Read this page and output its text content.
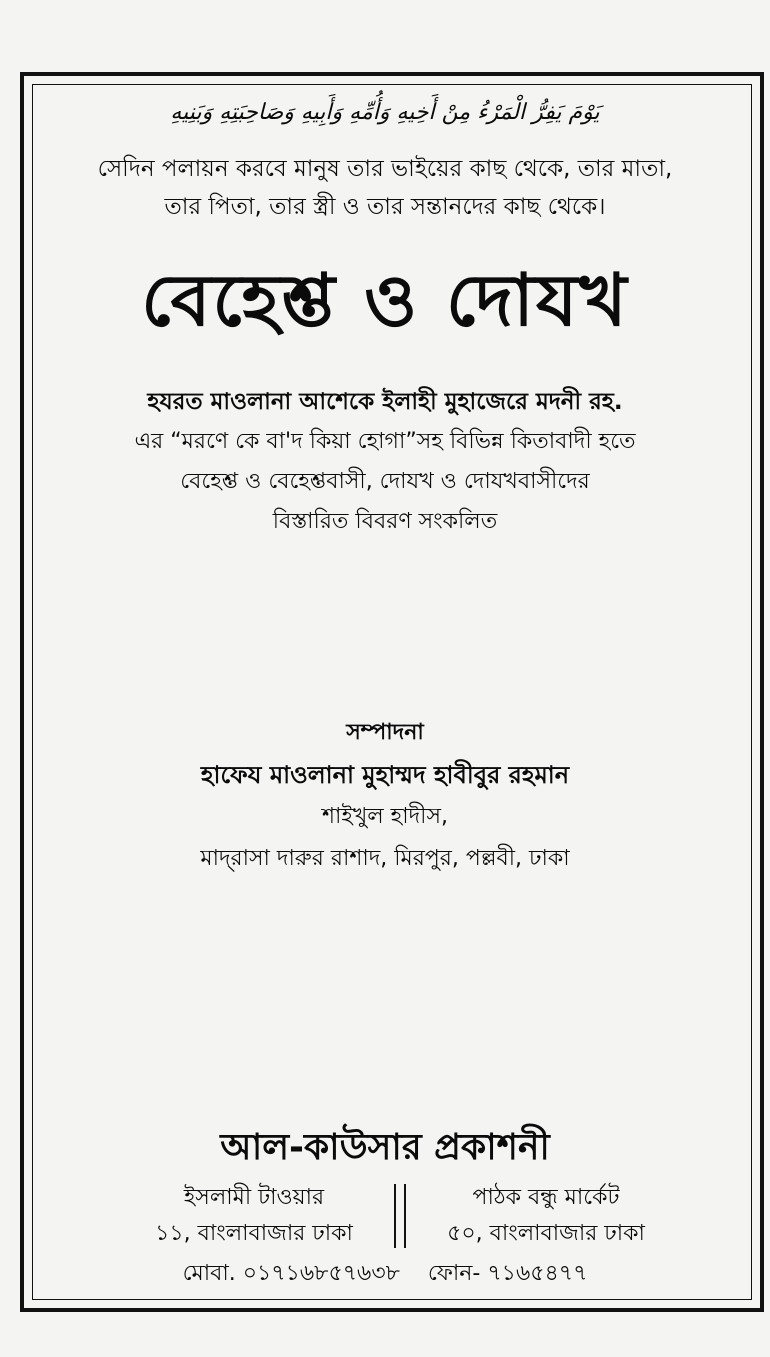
يَوْمَ يَفِرُّ الْمَرْءُ مِنْ أَخِيهِ وَأُمِّهِ وَأَبِيهِ وَصَاحِبَتِهِ وَبَنِيهِ
সেদিন পলায়ন করবে মানুষ তার ভাইয়ের কাছ থেকে, তার মাতা,
তার পিতা, তার স্ত্রী ও তার সন্তানদের কাছ থেকে।
বেহেশ্ত ও দোযখ
হযরত মাওলানা আশেকে ইলাহী মুহাজেরে মদনী রহ.
এর “মরণে কে বা'দ কিয়া হোগা”সহ বিভিন্ন কিতাবাদী হতে
বেহেশ্ত ও বেহেশ্তবাসী, দোযখ ও দোযখবাসীদের
বিস্তারিত বিবরণ সংকলিত
সম্পাদনা
হাফেয মাওলানা মুহাম্মদ হাবীবুর রহমান
শাইখুল হাদীস,
মাদ্‌রাসা দারুর রাশাদ, মিরপুর, পল্লবী, ঢাকা
আল-কাউসার প্রকাশনী
ইসলামী টাওয়ার
১১, বাংলাবাজার ঢাকা
পাঠক বন্ধু মার্কেট
৫০, বাংলাবাজার ঢাকা
মোবা. ০১৭১৬৮৫৭৬৩৮ ফোন- ৭১৬৫৪৭৭
